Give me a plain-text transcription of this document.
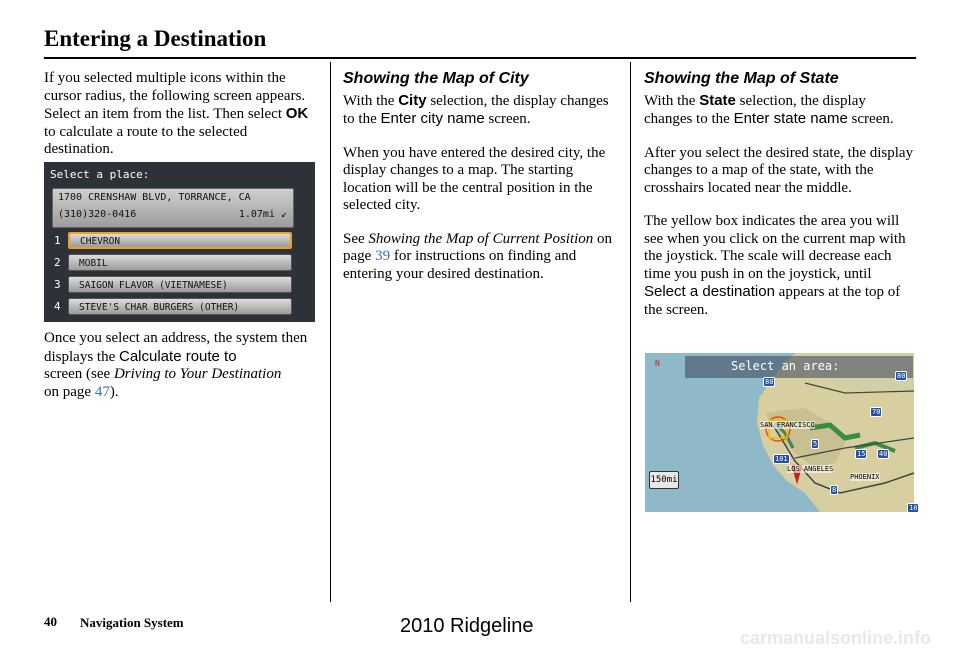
Entering a Destination

If you selected multiple icons within the cursor radius, the following screen appears. Select an item from the list. Then select OK to calculate a route to the selected destination.

Select a place:
1700 CRENSHAW BLVD, TORRANCE, CA
(310)320-0416	1.07mi ↙
1	CHEVRON
2	MOBIL
3	SAIGON FLAVOR (VIETNAMESE)
4	STEVE'S CHAR BURGERS (OTHER)

Once you select an address, the system then displays the Calculate route to
screen (see Driving to Your Destination
on page 47).

Showing the Map of City

With the City selection, the display changes to the Enter city name screen.

When you have entered the desired city, the display changes to a map. The starting location will be the central position in the selected city.

See Showing the Map of Current Position on page 39 for instructions on finding and entering your desired destination.

Showing the Map of State

With the State selection, the display changes to the Enter state name screen.

After you select the desired state, the display changes to a map of the state, with the crosshairs located near the middle.

The yellow box indicates the area you will see when you click on the current map with the joystick. The scale will decrease each time you push in on the joystick, until Select a destination appears at the top of the screen.

Select an area:
SAN FRANCISCO
LOS ANGELES
PHOENIX
150mi
N
80
5
15
70
40
101
8
10
80
40 Navigation System	2010 Ridgeline
carmanualsonline.info
